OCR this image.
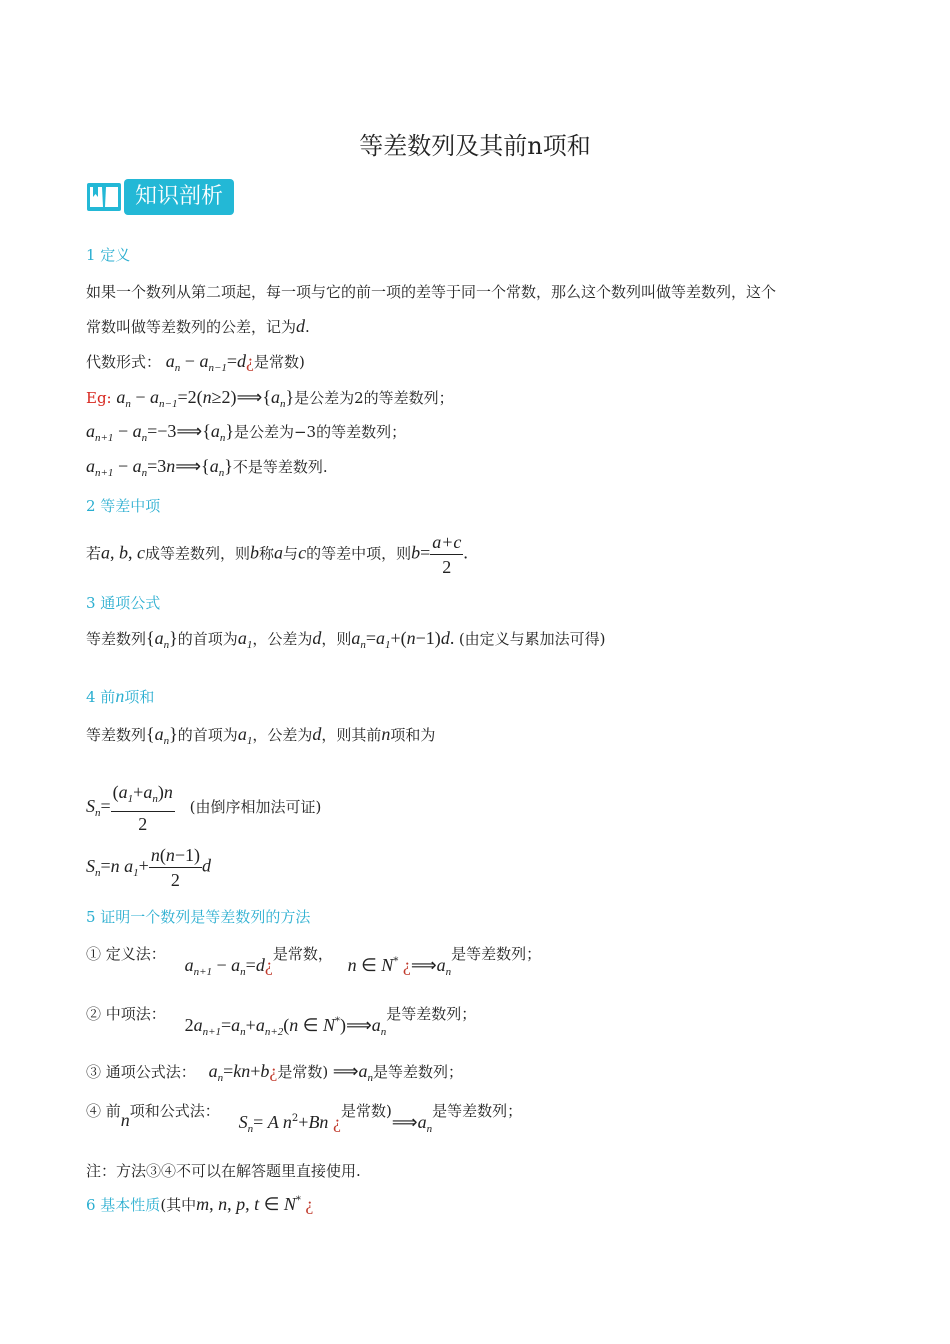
等差数列及其前n项和
知识剖析
1 定义
如果一个数列从第二项起，每一项与它的前一项的差等于同一个常数，那么这个数列叫做等差数列，这个
常数叫做等差数列的公差，记为d.
代数形式： $a_n$ − $a_{n-1}=d¿$是常数)
Eg: $a_n$ − $a_{n-1}=2(n\ge 2)⟹\{a_n\}$是公差为2的等差数列；
$a_{n+1}$ − $a_n=-3⟹\{a_n\}$是公差为−3的等差数列；
$a_{n+1}$ − $a_n=3n⟹\{a_n\}$不是等差数列.
2 等差中项
若a, b, c成等差数列，则b称a与c的等差中项，则$b= \frac{a+c}{2}$ .
3 通项公式
等差数列$\{a_n\}$的首项为$a_1$，公差为d，则$a_n=a_1+(n-1)d$. (由定义与累加法可得)
4 前n项和
等差数列$\{a_n\}$的首项为$a_1$，公差为d，则其前n项和为
$S_n= \frac{(a_1+a_n)n}{2}$ (由倒序相加法可证)
$S_n=n$ $a_1+ \frac{n(n-1)}{2}$ d
5 证明一个数列是等差数列的方法
① 定义法： $a_{n+1}$ − $a_n=d¿$是常数， n ∈ N* ¿$⟹a_n$是等差数列；
② 中项法： $2a_{n+1}=a_n+a_{n+2}(n$ ∈ $N^*)⟹a_n$是等差数列；
③ 通项公式法： $a_n=kn+b¿$是常数) $⟹a_n$是等差数列；
④ 前n项和公式法： $S_n= A$ $n^2+Bn$ ¿是常数)$⟹a_n$是等差数列；
注：方法③④不可以在解答题里直接使用.
6 基本性质(其中m, n, p, t ∈ N* ¿
